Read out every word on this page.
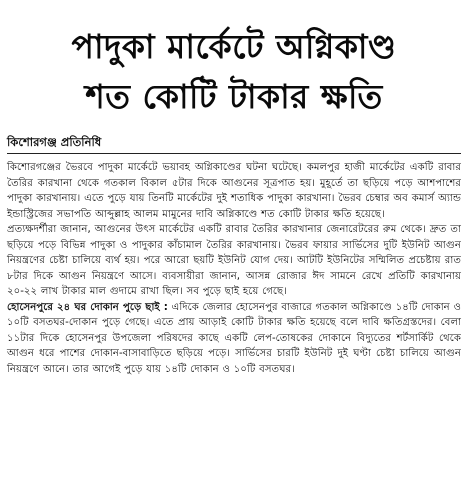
পাদুকা মার্কেটে অগ্নিকাণ্ড
শত কোটি টাকার ক্ষতি
কিশোরগঞ্জ প্রতিনিধি

কিশোরগঞ্জের ভৈরবে পাদুকা মার্কেটে ভয়াবহ অগ্নিকাণ্ডের ঘটনা ঘটেছে। কমলপুর হাজী মার্কেটের একটি রাবার তৈরির কারখানা থেকে গতকাল বিকাল ৫টার দিকে আগুনের সূত্রপাত হয়। মুহূর্তে তা ছড়িয়ে পড়ে আশপাশের পাদুকা কারখানায়। এতে পুড়ে যায় তিনটি মার্কেটের দুই শতাধিক পাদুকা কারখানা। ভৈরব চেম্বার অব কমার্স অ্যান্ড ইন্ডাস্ট্রিজের সভাপতি আব্দুল্লাহ আলম মামুনের দাবি অগ্নিকাণ্ডে শত কোটি টাকার ক্ষতি হয়েছে।

প্রত্যক্ষদর্শীরা জানান, আগুনের উৎস মার্কেটের একটি রাবার তৈরির কারখানার জেনারেটরের রুম থেকে। দ্রুত তা ছড়িয়ে পড়ে বিভিন্ন পাদুকা ও পাদুকার কাঁচামাল তৈরির কারখানায়। ভৈরব ফায়ার সার্ভিসের দুটি ইউনিট আগুন নিয়ন্ত্রণের চেষ্টা চালিয়ে ব্যর্থ হয়। পরে আরো ছয়টি ইউনিট যোগ দেয়। আটটি ইউনিটের সম্মিলিত প্রচেষ্টায় রাত ৮টার দিকে আগুন নিয়ন্ত্রণে আসে। ব্যবসায়ীরা জানান, আসন্ন রোজার ঈদ সামনে রেখে প্রতিটি কারখানায় ২০-২২ লাখ টাকার মাল গুদামে রাখা ছিল। সব পুড়ে ছাই হয়ে গেছে।

হোসেনপুরে ২৪ ঘর দোকান পুড়ে ছাই : এদিকে জেলার হোসেনপুর বাজারে গতকাল অগ্নিকাণ্ডে ১৪টি দোকান ও ১০টি বসতঘর-দোকান পুড়ে গেছে। এতে প্রায় আড়াই কোটি টাকার ক্ষতি হয়েছে বলে দাবি ক্ষতিগ্রস্তদের। বেলা ১১টার দিকে হোসেনপুর উপজেলা পরিষদের কাছে একটি লেপ-তোষকের দোকানে বিদ্যুতের শর্টসার্কিট থেকে আগুন ধরে পাশের দোকান-বাসাবাড়িতে ছড়িয়ে পড়ে। সার্ভিসের চারটি ইউনিট দুই ঘণ্টা চেষ্টা চালিয়ে আগুন নিয়ন্ত্রণে আনে। তার আগেই পুড়ে যায় ১৪টি দোকান ও ১০টি বসতঘর।
